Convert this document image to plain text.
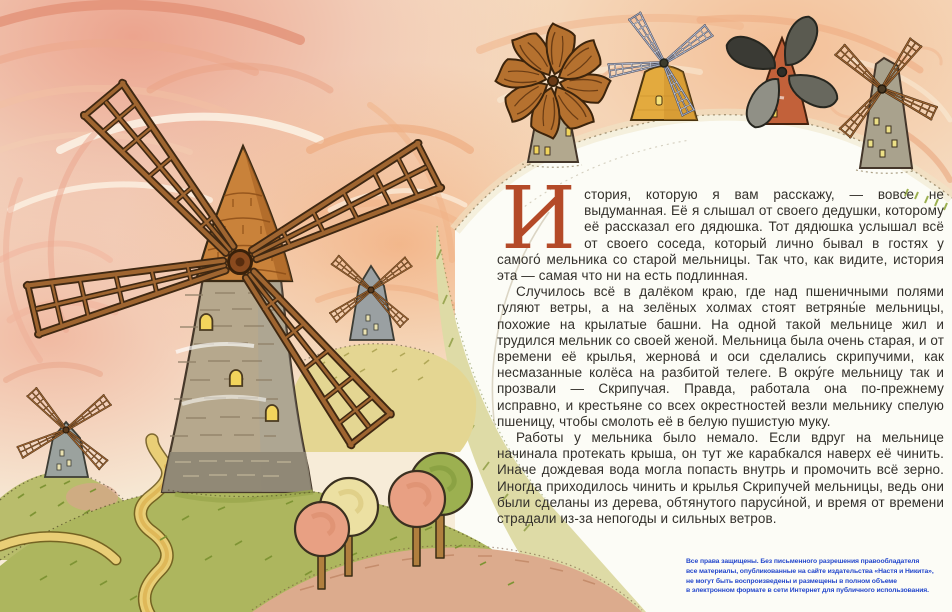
История, которую я вам расскажу, — вовсе не выдуманная. Её я слышал от своего дедушки, которому её рассказал его дядюшка. Тот дядюшка услышал всё от своего соседа, который лично бывал в гостях у самого́ мельника со старой мельницы. Так что, как видите, история эта — самая что ни на есть подлинная.

Случилось всё в далёком краю, где над пшеничными полями гуляют ветры, а на зелёных холмах стоят ветряны́е мельницы, похожие на крылатые башни. На одной такой мельнице жил и трудился мельник со своей женой. Мельница была очень старая, и от времени её крылья, жернова́ и оси сделались скрипучими, как несмазанные колёса на разбитой телеге. В окру́ге мельницу так и прозвали — Скрипучая. Правда, работала она по-прежнему исправно, и крестьяне со всех окрестностей везли мельнику спелую пшеницу, чтобы смолоть её в белую пушистую муку.

Работы у мельника было немало. Если вдруг на мельнице начинала протекать крыша, он тут же карабкался наверх её чинить. Иначе дождевая вода могла попасть внутрь и промочить всё зерно. Иногда приходилось чинить и крылья Скрипучей мельницы, ведь они были сделаны из дерева, обтянутого паруси́ной, и время от времени страдали из-за непогоды и сильных ветров.

Все права защищены. Без письменного разрешения правообладателя
все материалы, опубликованные на сайте издательства «Настя и Никита»,
не могут быть воспроизведены и размещены в полном объеме
в электронном формате в сети Интернет для публичного использования.
